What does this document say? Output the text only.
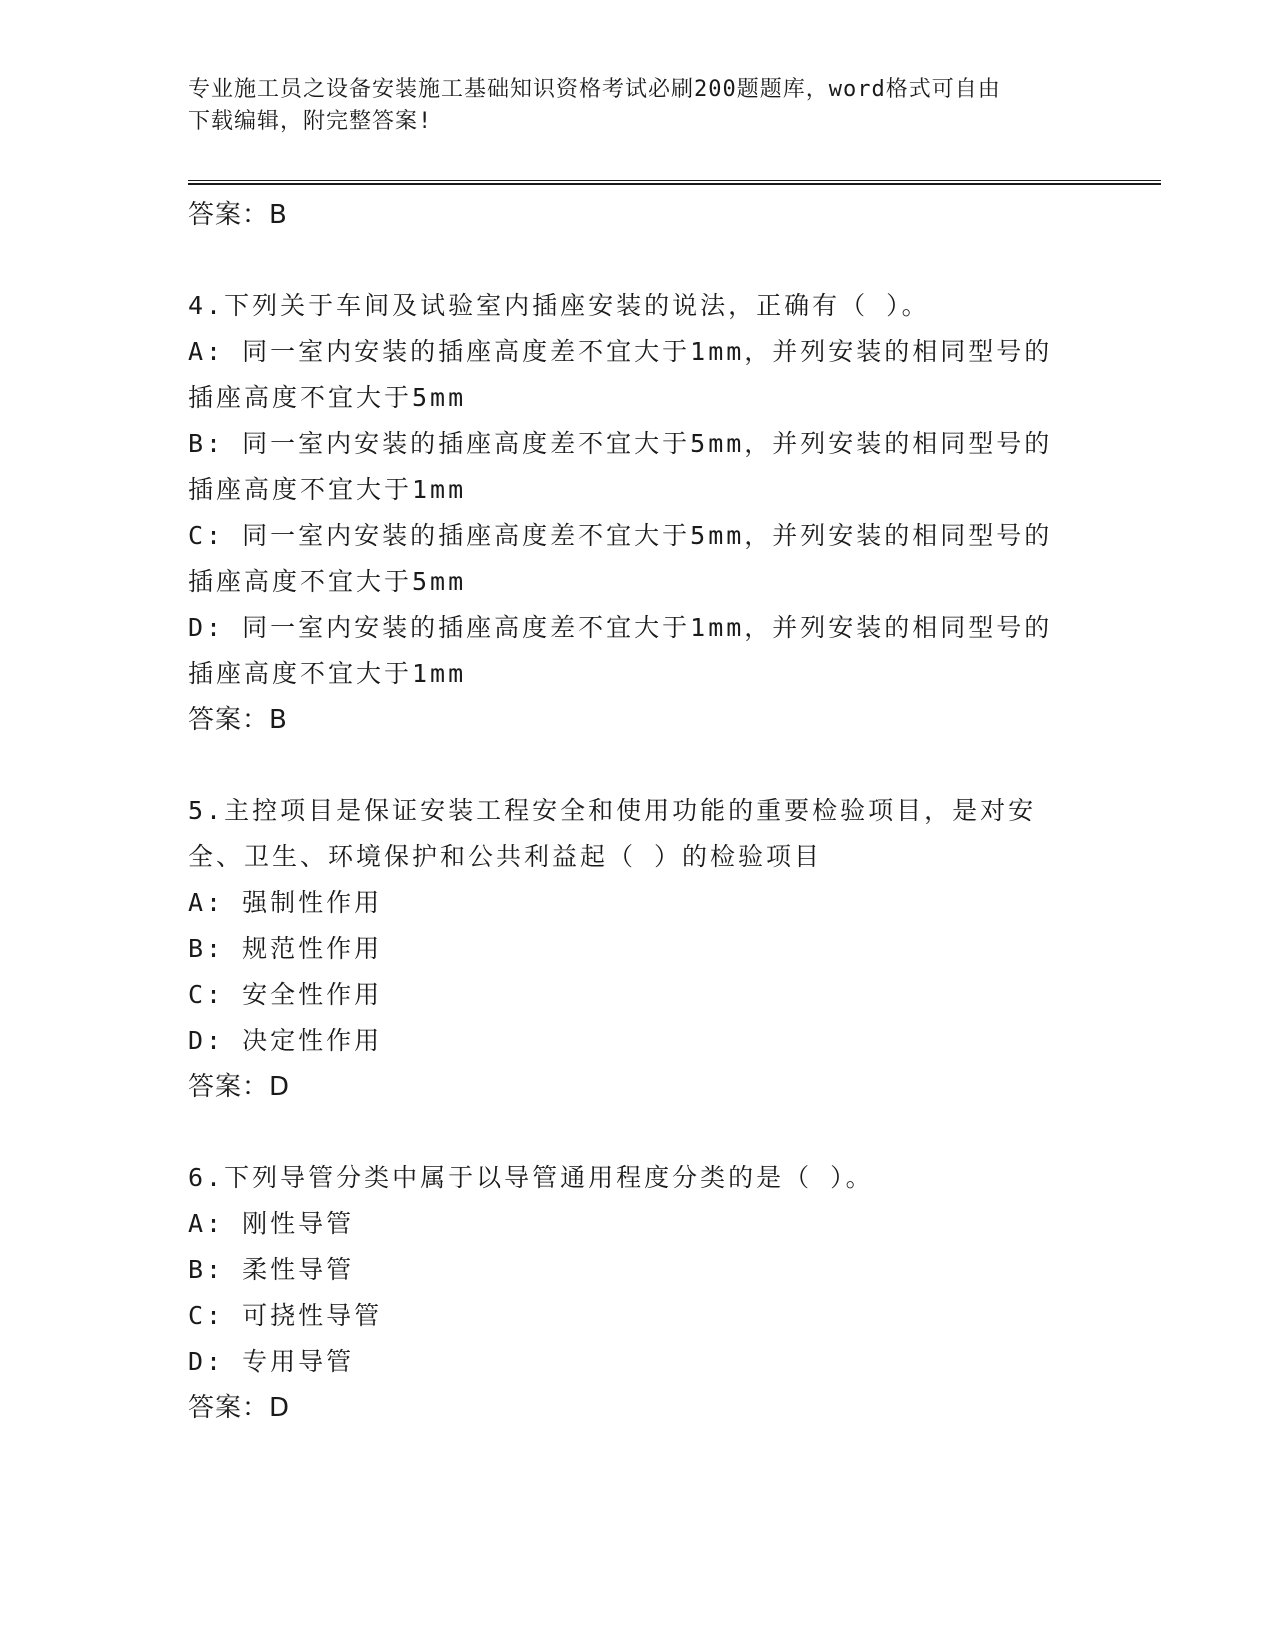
专业施工员之设备安装施工基础知识资格考试必刷200题题库，word格式可自由
下载编辑，附完整答案!
答案：B
4.下列关于车间及试验室内插座安装的说法，正确有（ ）。
A: 同一室内安装的插座高度差不宜大于1mm，并列安装的相同型号的
插座高度不宜大于5mm
B: 同一室内安装的插座高度差不宜大于5mm，并列安装的相同型号的
插座高度不宜大于1mm
C: 同一室内安装的插座高度差不宜大于5mm，并列安装的相同型号的
插座高度不宜大于5mm
D: 同一室内安装的插座高度差不宜大于1mm，并列安装的相同型号的
插座高度不宜大于1mm
答案：B
5.主控项目是保证安装工程安全和使用功能的重要检验项目，是对安
全、卫生、环境保护和公共利益起（ ）的检验项目
A: 强制性作用
B: 规范性作用
C: 安全性作用
D: 决定性作用
答案：D
6.下列导管分类中属于以导管通用程度分类的是（ ）。
A: 刚性导管
B: 柔性导管
C: 可挠性导管
D: 专用导管
答案：D
